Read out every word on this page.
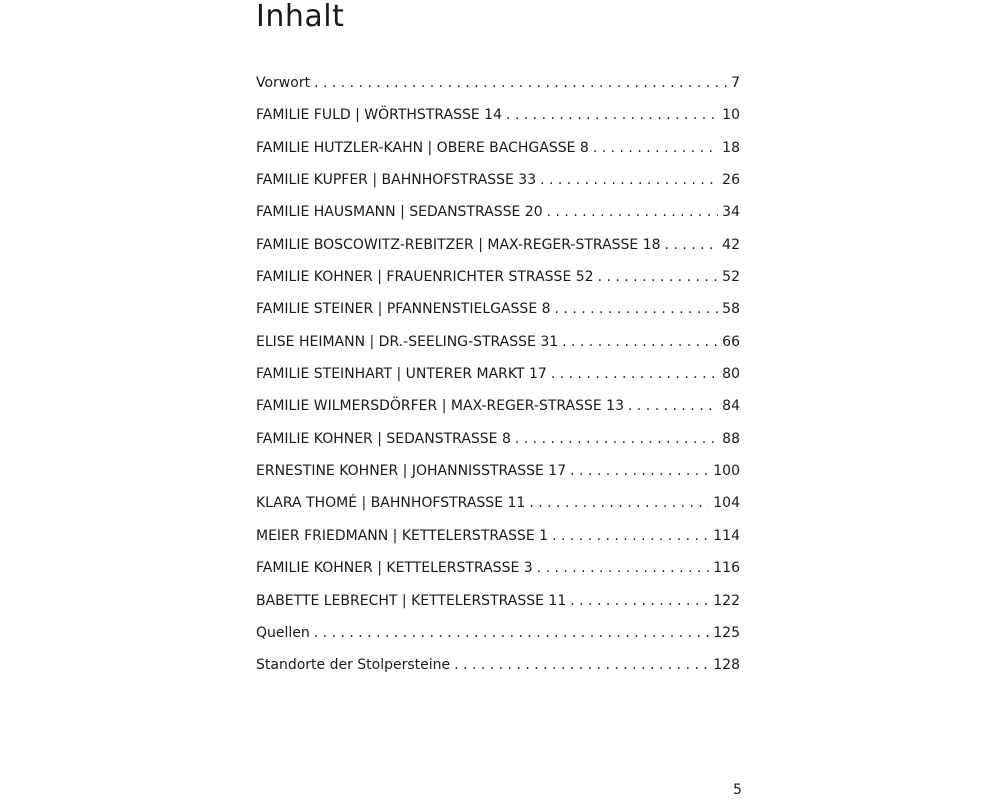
Inhalt
Vorwort . . .	7
FAMILIE FULD | WÖRTHSTRASSE 14 . . .	10
FAMILIE HUTZLER-KAHN | OBERE BACHGASSE 8 . . .	18
FAMILIE KUPFER | BAHNHOFSTRASSE 33 . . .	26
FAMILIE HAUSMANN | SEDANSTRASSE 20 . . .	34
FAMILIE BOSCOWITZ-REBITZER | MAX-REGER-STRASSE 18 . . .	42
FAMILIE KOHNER | FRAUENRICHTER STRASSE 52 . . .	52
FAMILIE STEINER | PFANNENSTIELGASSE 8 . . .	58
ELISE HEIMANN | DR.-SEELING-STRASSE 31 . . .	66
FAMILIE STEINHART | UNTERER MARKT 17 . . .	80
FAMILIE WILMERSDÖRFER | MAX-REGER-STRASSE 13 . . .	84
FAMILIE KOHNER | SEDANSTRASSE 8 . . .	88
ERNESTINE KOHNER | JOHANNISSTRASSE 17 . . .	100
KLARA THOMÉ | BAHNHOFSTRASSE 11 . . .	104
MEIER FRIEDMANN | KETTELERSTRASSE 1 . . .	114
FAMILIE KOHNER | KETTELERSTRASSE 3 . . .	116
BABETTE LEBRECHT | KETTELERSTRASSE 11 . . .	122
Quellen . . .	125
Standorte der Stolpersteine . . .	128
5
